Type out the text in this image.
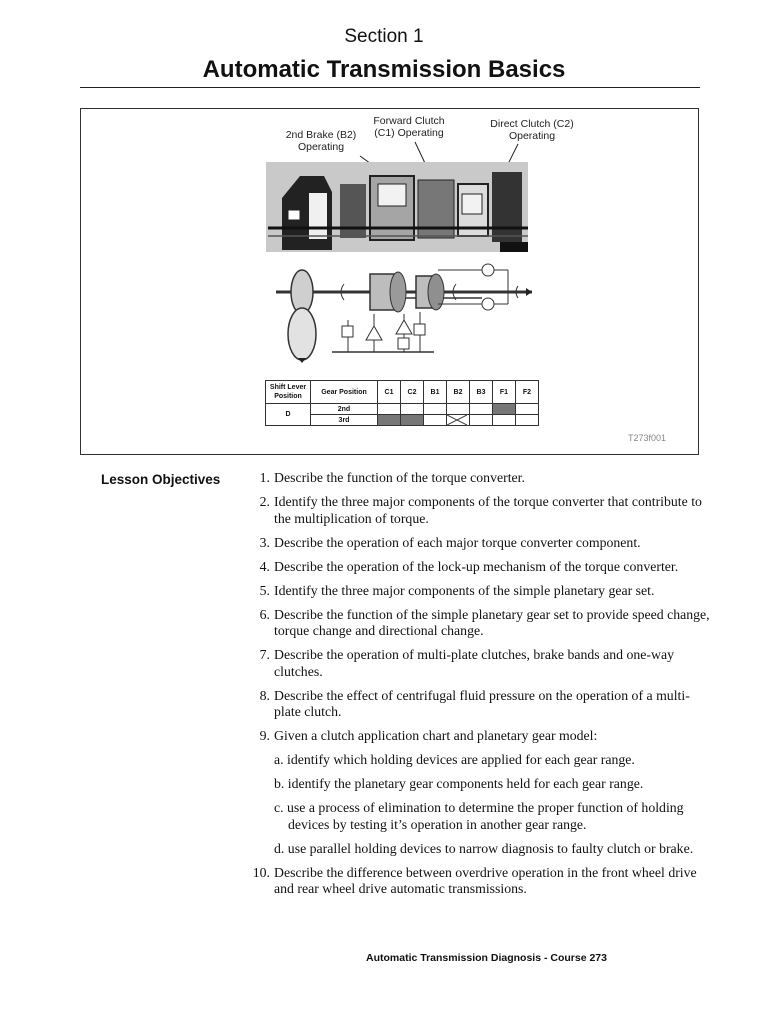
Section 1
Automatic Transmission Basics
2nd Brake (B2)
Operating
Forward Clutch
(C1) Operating
Direct Clutch (C2)
Operating
Shift Lever Position	Gear Position	C1	C2	B1	B2	B3	F1	F2
D	2nd							
	3rd				

T273f001
Lesson Objectives	1. Describe the function of the torque converter.
2. Identify the three major components of the torque converter that contribute to the multiplication of torque.
3. Describe the operation of each major torque converter component.
4. Describe the operation of the lock-up mechanism of the torque converter.
5. Identify the three major components of the simple planetary gear set.
6. Describe the function of the simple planetary gear set to provide speed change, torque change and directional change.
7. Describe the operation of multi-plate clutches, brake bands and one-way clutches.
8. Describe the effect of centrifugal fluid pressure on the operation of a multi-plate clutch.
9. Given a clutch application chart and planetary gear model:
a. identify which holding devices are applied for each gear range.
b. identify the planetary gear components held for each gear range.
c. use a process of elimination to determine the proper function of holding devices by testing it’s operation in another gear range.
d. use parallel holding devices to narrow diagnosis to faulty clutch or brake.
10. Describe the difference between overdrive operation in the front wheel drive and rear wheel drive automatic transmissions.
Automatic Transmission Diagnosis - Course 273
